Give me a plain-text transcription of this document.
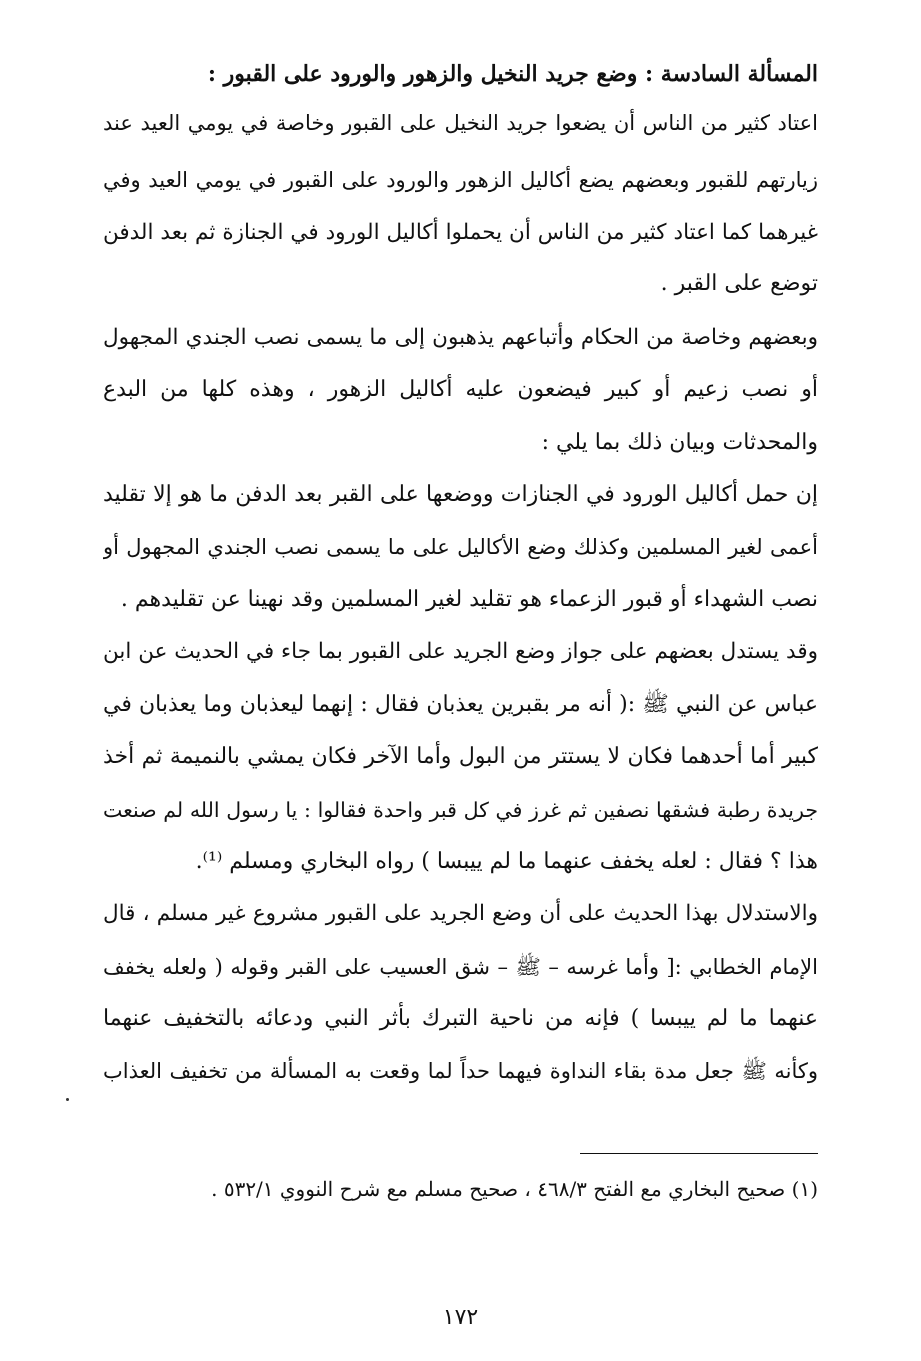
المسألة السادسة : وضع جريد النخيل والزهور والورود على القبور :
اعتاد كثير من الناس أن يضعوا جريد النخيل على القبور وخاصة في يومي العيد عند
زيارتهم للقبور وبعضهم يضع أكاليل الزهور والورود على القبور في يومي العيد وفي
غيرهما كما اعتاد كثير من الناس أن يحملوا أكاليل الورود في الجنازة ثم بعد الدفن
توضع على القبر .
وبعضهم وخاصة من الحكام وأتباعهم يذهبون إلى ما يسمى نصب الجندي المجهول
أو نصب زعيم أو كبير فيضعون عليه أكاليل الزهور ، وهذه كلها من البدع
والمحدثات وبيان ذلك بما يلي :
إن حمل أكاليل الورود في الجنازات ووضعها على القبر بعد الدفن ما هو إلا تقليد
أعمى لغير المسلمين وكذلك وضع الأكاليل على ما يسمى نصب الجندي المجهول أو
نصب الشهداء أو قبور الزعماء هو تقليد لغير المسلمين وقد نهينا عن تقليدهم .
وقد يستدل بعضهم على جواز وضع الجريد على القبور بما جاء في الحديث عن ابن
عباس عن النبي ﷺ :( أنه مر بقبرين يعذبان فقال : إنهما ليعذبان وما يعذبان في
كبير أما أحدهما فكان لا يستتر من البول وأما الآخر فكان يمشي بالنميمة ثم أخذ
جريدة رطبة فشقها نصفين ثم غرز في كل قبر واحدة فقالوا : يا رسول الله لم صنعت
هذا ؟ فقال : لعله يخفف عنهما ما لم ييبسا ) رواه البخاري ومسلم ⁽¹⁾.
والاستدلال بهذا الحديث على أن وضع الجريد على القبور مشروع غير مسلم ، قال
الإمام الخطابي :[ وأما غرسه – ﷺ – شق العسيب على القبر وقوله ( ولعله يخفف
عنهما ما لم ييبسا ) فإنه من ناحية التبرك بأثر النبي ودعائه بالتخفيف عنهما
وكأنه ﷺ جعل مدة بقاء النداوة فيهما حداً لما وقعت به المسألة من تخفيف العذاب
(١) صحيح البخاري مع الفتح ٤٦٨/٣ ، صحيح مسلم مع شرح النووي ٥٣٢/١ .
١٧٢
